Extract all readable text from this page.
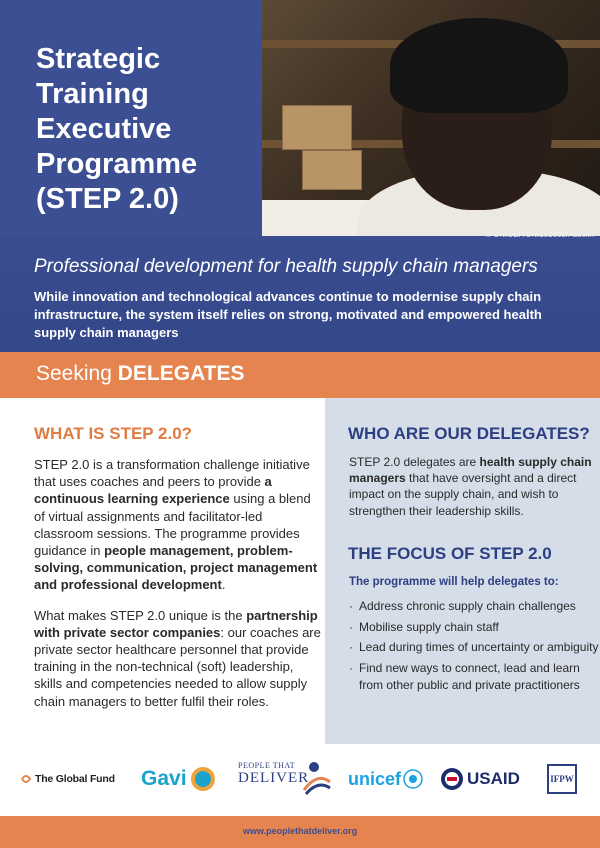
Strategic Training Executive Programme (STEP 2.0)
© UNICEF/UNI181685/Asselin
Professional development for health supply chain managers
While innovation and technological advances continue to modernise supply chain infrastructure, the system itself relies on strong, motivated and empowered health supply chain managers
Seeking DELEGATES
WHAT IS STEP 2.0?

STEP 2.0 is a transformation challenge initiative that uses coaches and peers to provide a continuous learning experience using a blend of virtual assignments and facilitator-led classroom sessions. The programme provides guidance in people management, problem-solving, communication, project management and professional development.

What makes STEP 2.0 unique is the partnership with private sector companies: our coaches are private sector healthcare personnel that provide training in the non-technical (soft) leadership, skills and competencies needed to allow supply chain managers to better fulfil their roles.

WHO ARE OUR DELEGATES?
STEP 2.0 delegates are health supply chain managers that have oversight and a direct impact on the supply chain, and wish to strengthen their leadership skills.
THE FOCUS OF STEP 2.0
The programme will help delegates to:
· Address chronic supply chain challenges
· Mobilise supply chain staff
· Lead during times of uncertainty or ambiguity
· Find new ways to connect, lead and learn from other public and private practitioners
The Global Fund Gavi
PEOPLE THAT
DELIVER unicef	USAID	IFPW
www.peoplethatdeliver.org
